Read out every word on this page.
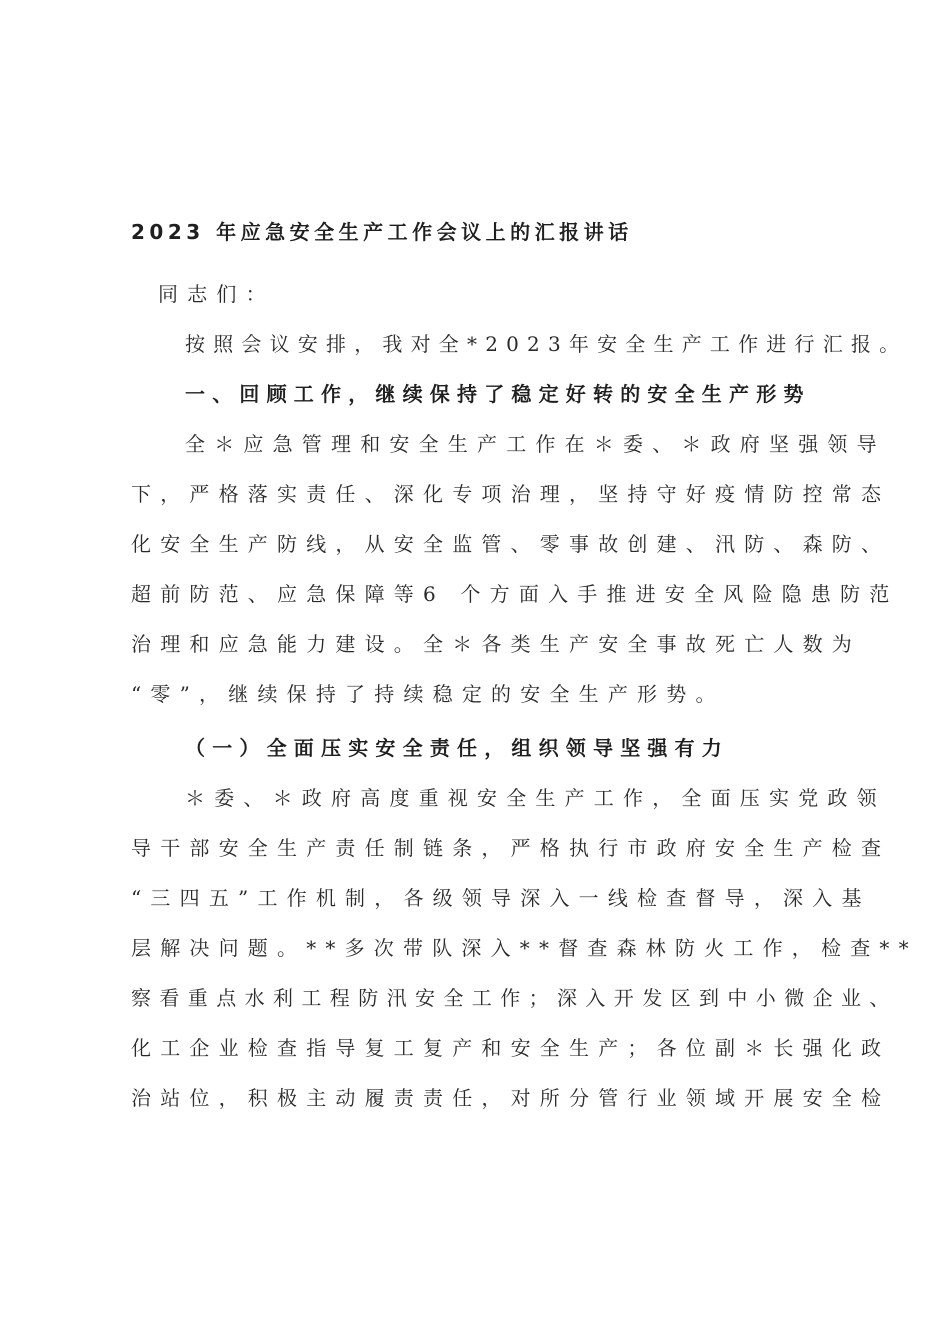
2023 年应急安全生产工作会议上的汇报讲话
同志们：
按照会议安排，我对全*2023年安全生产工作进行汇报。
一、回顾工作，继续保持了稳定好转的安全生产形势
全＊应急管理和安全生产工作在＊委、＊政府坚强领导
下，严格落实责任、深化专项治理，坚持守好疫情防控常态
化安全生产防线，从安全监管、零事故创建、汛防、森防、
超前防范、应急保障等6 个方面入手推进安全风险隐患防范
治理和应急能力建设。全＊各类生产安全事故死亡人数为
“零”，继续保持了持续稳定的安全生产形势。
（一）全面压实安全责任，组织领导坚强有力
＊委、＊政府高度重视安全生产工作，全面压实党政领
导干部安全生产责任制链条，严格执行市政府安全生产检查
“三四五”工作机制，各级领导深入一线检查督导，深入基
层解决问题。**多次带队深入**督查森林防火工作，检查**
察看重点水利工程防汛安全工作；深入开发区到中小微企业、
化工企业检查指导复工复产和安全生产；各位副＊长强化政
治站位，积极主动履责责任，对所分管行业领域开展安全检
